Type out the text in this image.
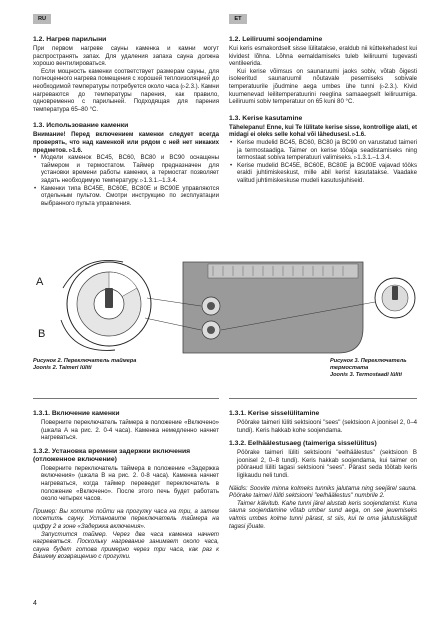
RU	ET
1.2. Нагрев парилыни

При первом нагреве сауны каменка и камни могут распространять запах. Для удаления запаха сауна должна хорошо вентилироваться.

Если мощность каменки соответствует размерам сауны, для полноценного нагрева помещения с хорошей теплоизоляцией до необходимой температуры потребуется около часа (▹2.3.). Камни нагреваются до температуры парения, как правило, одновременно с парилыней. Подходящая для парения температура 65–80 °C.

1.3. Использование каменки

Внимание! Перед включением каменки следует всегда проверять, что над каменкой или рядом с ней нет никаких предметов. ▹1.6.

• Модели каменок BC45, BC60, BC80 и BC90 оснащены таймером и термостатом. Таймер предназначен для установки времени работы каменки, а термостат позволяет задать необходимую температуру. ▹1.3.1.–1.3.4.
• Каменки типа BC45E, BC60E, BC80E и BC90E управляются отдельным пультом. Смотри инструкцию по эксплуатации выбранного пульта управления.
1.2. Leiliruumi soojendamine

Kui keris esmakordselt sisse lülitatakse, eraldub nii küttekehadest kui kividest lõhna. Lõhna eemaldamiseks tuleb leiliruumi tugevasti ventileerida.

Kui kerise võimsus on saunaruumi jaoks sobiv, võtab õigesti isoleeritud saunaruumil nõutavale pesemiseks sobivale temperatuurile jõudmine aega umbes ühe tunni (▹2.3.). Kivid kuumenevad leilitemperatuurini reeglina samaaegselt leiliruumiga. Leiliruumi sobiv temperatuur on 65 kuni 80 °C.

1.3. Kerise kasutamine

Tähelepanu! Enne, kui Te lülitate kerise sisse, kontrollige alati, et midagi ei oleks selle kohal või lähedusesl. ▹1.6.

• Kerise mudelid BC45, BC60, BC80 ja BC90 on varustatud taimeri ja termostaadiga. Taimer on kerise tööaja seadistamiseks ning termostaat sobiva temperatuuri valimiseks. ▹1.3.1.–1.3.4.
• Kerise mudelid BC45E, BC60E, BC80E ja BC90E vajavad tööks eraldi juhtimiskeskust, mille abil kerist kasutatakse. Vaadake valitud juhtimiskeskuse mudeli kasutusjuhiseid.
A
B
Рисунок 2. Переключатель таймера
Joonis 2. Taimeri lüliti
Рисунок 3. Переключатель термостата
Joonis 3. Termostaadi lüliti
1.3.1. Включение каменки

Поверните переключатель таймера в положение «Включено» (шкала А на рис. 2. 0-4 часа). Каменка немедленно начнет нагреваться.

1.3.2. Установка времени задержки включения (отложенное включение)

Поверните переключатель таймера в положение «Задержка включения» (шкала В на рис. 2. 0-8 часа). Каменка начнет нагреваться, когда таймер переведет переключатель в положение «Включено». После этого печь будет работать около четырех часов.

Пример: Вы хотите пойти на прогулку часа на три, а затем посетить сауну. Установите переключатель таймера на цифру 2 в зоне «Задержка включения».

Запустится таймер. Через два часа каменка начнет нагреваться. Поскольку нагревание занимает около часа, сауна будет готова примерно через три часа, как раз к Вашему возвращению с прогулки.

1.3.1. Kerise sisselülitamine

Pöörake taimeri lüliti sektsiooni "sees" (sektsioon A joonisel 2, 0–4 tundi). Keris hakkab kohe soojendama.

1.3.2. Eelhäälestusaeg (taimeriga sisselülitus)

Pöörake taimeri lüliti sektsiooni "eelhäälestus" (sektsioon B joonisel 2, 0–8 tundi). Keris hakkab soojendama, kui taimer on pöörанud lüliti tagasi sektsiooni "sees". Pärast seda töötab keris ligikaudu neli tundi.

Näidis: Soovite minna kolmeks tunniks jalutama ning seejärel sauna. Pöörake taimeri lüliti sektsiooni "eelhäälestus" numbrile 2.

Taimer käivitub. Kahe tunni järel alustab keris soojendamist. Kuna sauna soojendamine võtab umber sund aega, on see jeuemiseks valmis umbes kolme tunni pärast, st siis, kui te oma jalutuskäigult tagasi jõuate.

4
